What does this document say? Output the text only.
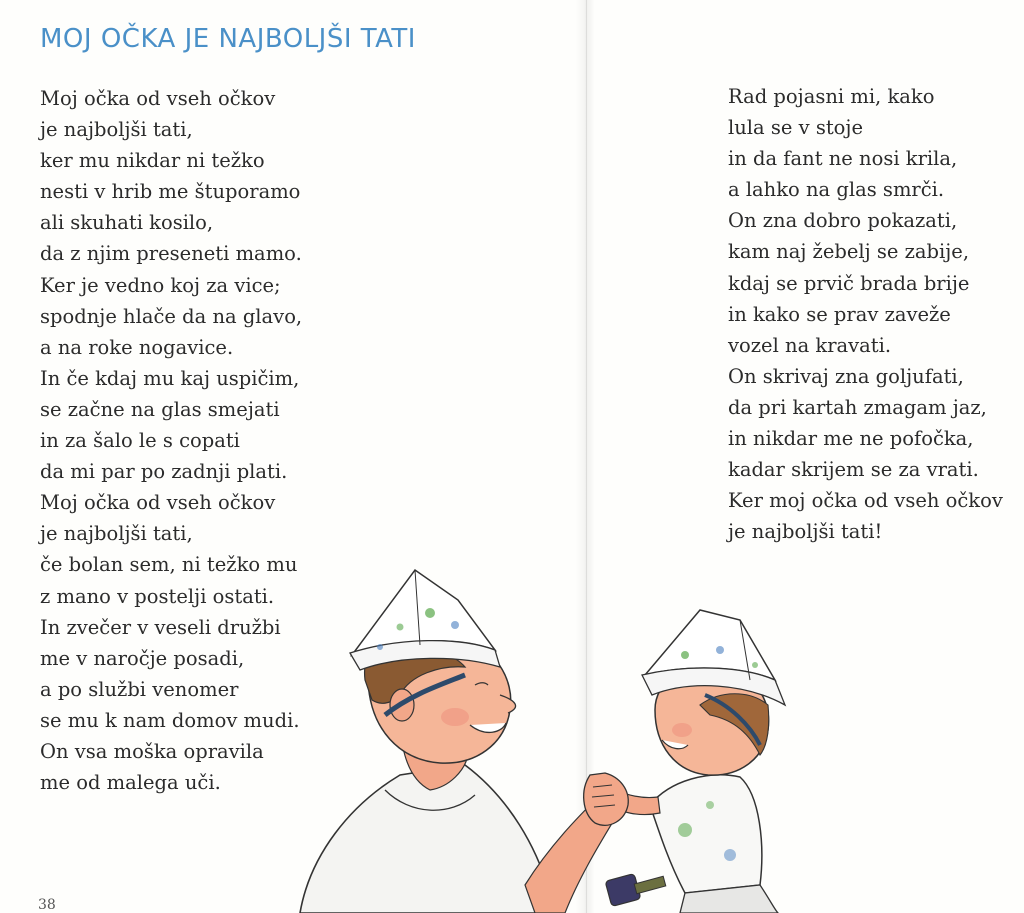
MOJ OČKA JE NAJBOLJŠI TATI
Moj očka od vseh očkov
je najboljši tati,
ker mu nikdar ni težko
nesti v hrib me štuporamo
ali skuhati kosilo,
da z njim preseneti mamo.
Ker je vedno koj za vice;
spodnje hlače da na glavo,
a na roke nogavice.
In če kdaj mu kaj uspičim,
se začne na glas smejati
in za šalo le s copati
da mi par po zadnji plati.
Moj očka od vseh očkov
je najboljši tati,
če bolan sem, ni težko mu
z mano v postelji ostati.
In zvečer v veseli družbi
me v naročje posadi,
a po službi venomer
se mu k nam domov mudi.
On vsa moška opravila
me od malega uči.
Rad pojasni mi, kako
lula se v stoje
in da fant ne nosi krila,
a lahko na glas smrči.
On zna dobro pokazati,
kam naj žebelj se zabije,
kdaj se prvič brada brije
in kako se prav zaveže
vozel na kravati.
On skrivaj zna goljufati,
da pri kartah zmagam jaz,
in nikdar me ne pofočka,
kadar skrijem se za vrati.
Ker moj očka od vseh očkov
je najboljši tati!
38
